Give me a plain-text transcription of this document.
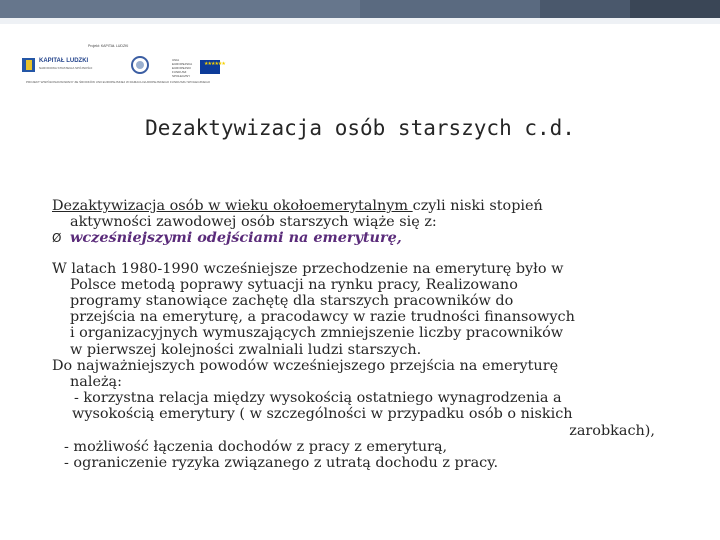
Projekt: KAPITAŁ LUDZKI
KAPITAŁ LUDZKI
NARODOWA STRATEGIA SPÓJNOŚCI
UNIA EUROPEJSKA EUROPEJSKI FUNDUSZ SPOŁECZNY
★★★★★★
PROJEKT WSPÓŁFINANSOWANY ZE ŚRODKÓW UNII EUROPEJSKIEJ W RAMACH EUROPEJSKIEGO FUNDUSZU SPOŁECZNEGO
Dezaktywizacja osób starszych c.d.

Dezaktywizacja osób w wieku okołoemerytalnym czyli niski stopień

aktywności zawodowej osób starszych wiąże się z:

Ø wcześniejszymi odejściami na emeryturę,

W latach 1980-1990 wcześniejsze przechodzenie na emeryturę było w

Polsce metodą poprawy sytuacji na rynku pracy, Realizowano

programy stanowiące zachętę dla starszych pracowników do

przejścia na emeryturę, a pracodawcy w razie trudności finansowych

i organizacyjnych wymuszających zmniejszenie liczby pracowników

w pierwszej kolejności zwalniali ludzi starszych.

Do najważniejszych powodów wcześniejszego przejścia na emeryturę

należą:

- korzystna relacja między wysokością ostatniego wynagrodzenia a

wysokością emerytury ( w szczególności w przypadku osób o niskich

zarobkach),

- możliwość łączenia dochodów z pracy z emeryturą,

- ograniczenie ryzyka związanego z utratą dochodu z pracy.
